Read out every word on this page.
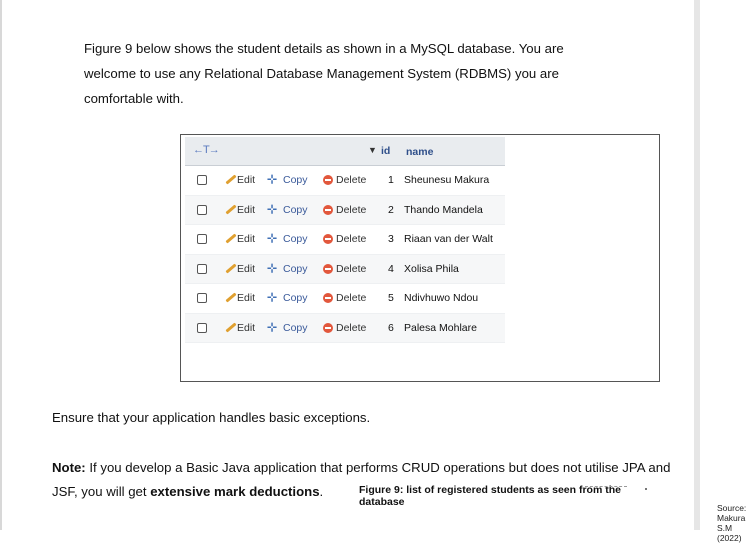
Figure 9 below shows the student details as shown in a MySQL database. You are
welcome to use any Relational Database Management System (RDBMS) you are
comfortable with.
←T→	▼ id name
Edit ⊹ Copy	Delete 1 Sheunesu Makura
Edit ⊹ Copy	Delete 2 Thando Mandela
Edit ⊹ Copy	Delete 3 Riaan van der Walt
Edit ⊹ Copy	Delete 4 Xolisa Phila
Edit ⊹ Copy	Delete 5 Ndivhuwo Ndou
Edit ⊹ Copy	Delete 6 Palesa Mohlare
Figure 9: list of registered students as seen from the database	Source: Makura S.M (2022)
Ensure that your application handles basic exceptions.
Note: If you develop a Basic Java application that performs CRUD operations but does not utilise JPA and JSF, you will get extensive mark deductions.
